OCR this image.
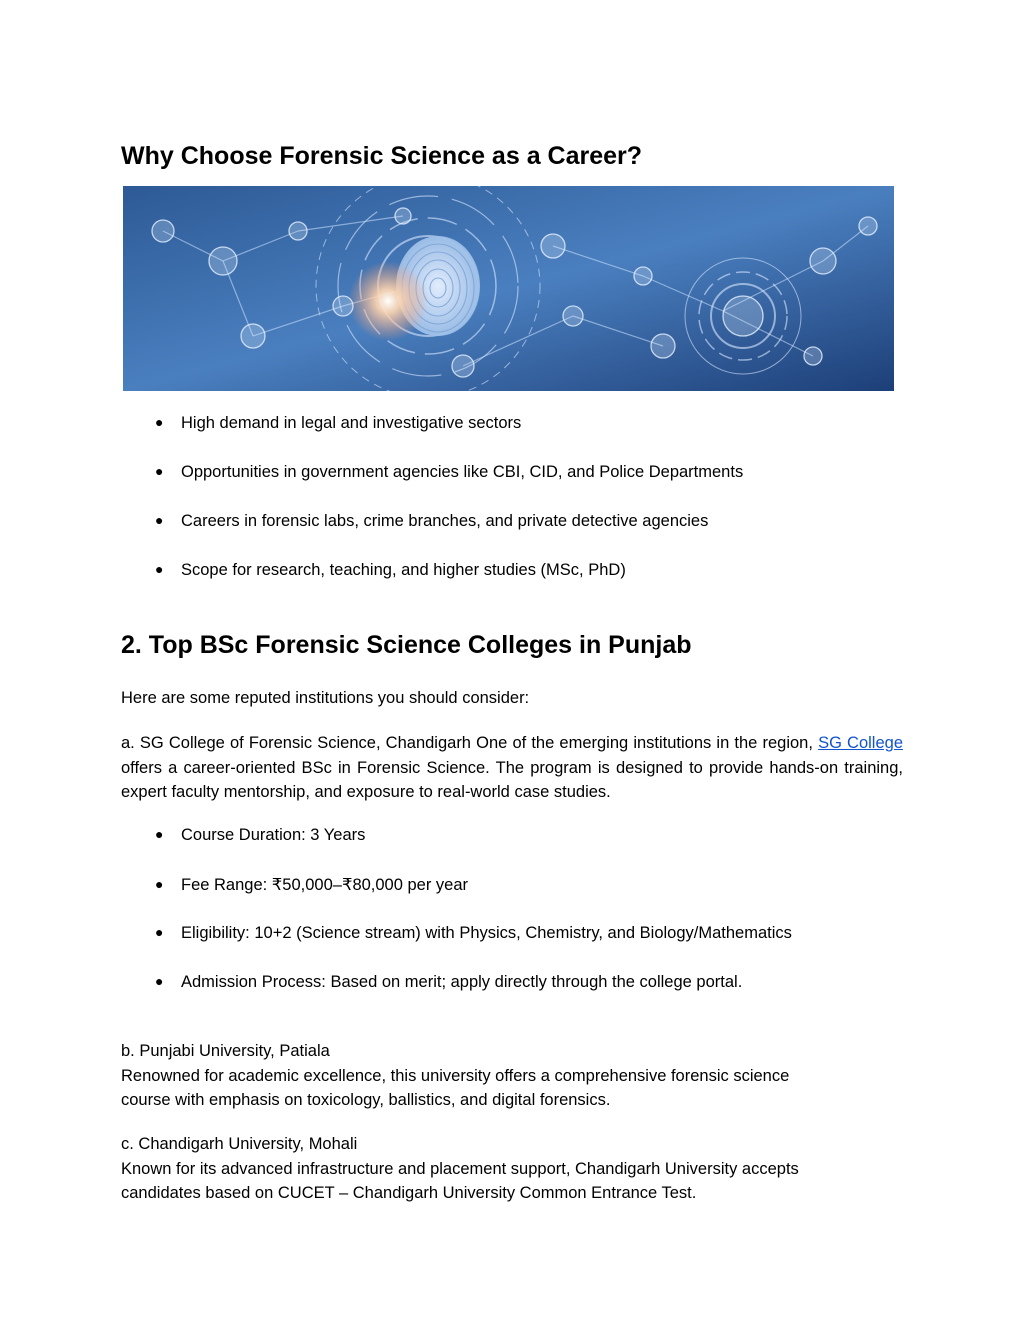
Why Choose Forensic Science as a Career?
● High demand in legal and investigative sectors
● Opportunities in government agencies like CBI, CID, and Police Departments
● Careers in forensic labs, crime branches, and private detective agencies
● Scope for research, teaching, and higher studies (MSc, PhD)
2. Top BSc Forensic Science Colleges in Punjab

Here are some reputed institutions you should consider:

a. SG College of Forensic Science, Chandigarh One of the emerging institutions in the region, SG College offers a career-oriented BSc in Forensic Science. The program is designed to provide hands-on training, expert faculty mentorship, and exposure to real-world case studies.

● Course Duration: 3 Years
● Fee Range: ₹50,000–₹80,000 per year
● Eligibility: 10+2 (Science stream) with Physics, Chemistry, and Biology/Mathematics
● Admission Process: Based on merit; apply directly through the college portal.

b. Punjabi University, Patiala
Renowned for academic excellence, this university offers a comprehensive forensic science
course with emphasis on toxicology, ballistics, and digital forensics.

c. Chandigarh University, Mohali
Known for its advanced infrastructure and placement support, Chandigarh University accepts
candidates based on CUCET – Chandigarh University Common Entrance Test.
